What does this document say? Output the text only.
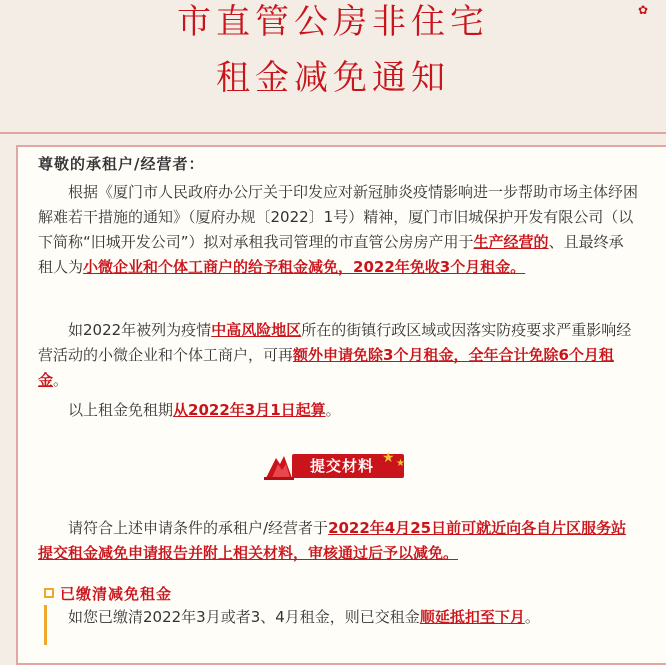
市直管公房非住宅
租金减免通知
✿

尊敬的承租户/经营者：

根据《厦门市人民政府办公厅关于印发应对新冠肺炎疫情影响进一步帮助市场主体纾困解难若干措施的通知》（厦府办规〔2022〕1号）精神，厦门市旧城保护开发有限公司（以下简称“旧城开发公司”）拟对承租我司管理的市直管公房房产用于生产经营的、且最终承租人为小微企业和个体工商户的给予租金减免，2022年免收3个月租金。

如2022年被列为疫情中高风险地区所在的街镇行政区域或因落实防疫要求严重影响经营活动的小微企业和个体工商户，可再额外申请免除3个月租金，全年合计免除6个月租金。

以上租金免租期从2022年3月1日起算。

提交材料 ★ ★

请符合上述申请条件的承租户/经营者于2022年4月25日前可就近向各自片区服务站提交租金减免申请报告并附上相关材料，审核通过后予以减免。

已缴清减免租金

如您已缴清2022年3月或者3、4月租金，则已交租金顺延抵扣至下月。
